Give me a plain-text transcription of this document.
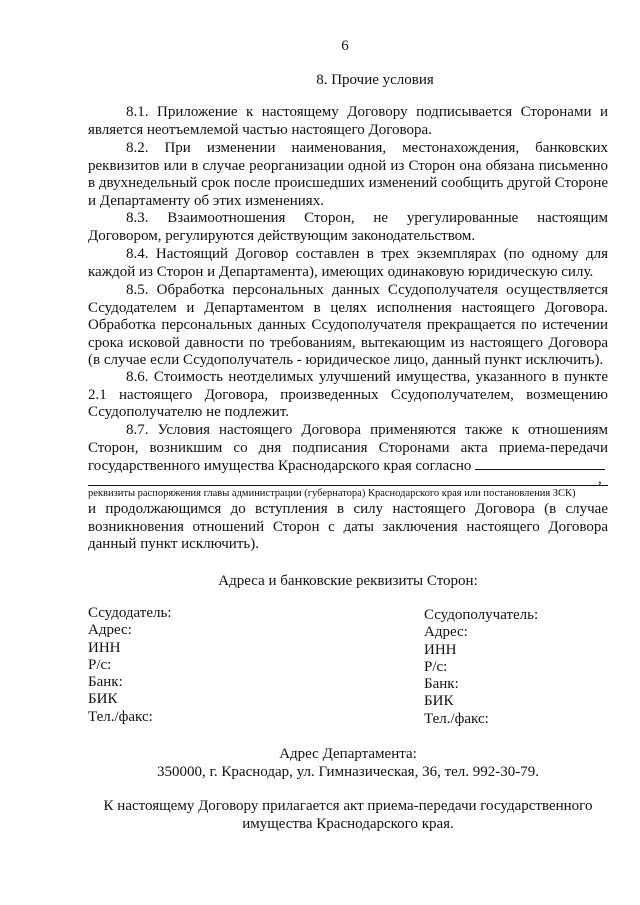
6
8. Прочие условия

8.1. Приложение к настоящему Договору подписывается Сторонами и является неотъемлемой частью настоящего Договора.

8.2. При изменении наименования, местонахождения, банковских реквизитов или в случае реорганизации одной из Сторон она обязана письменно в двухнедельный срок после происшедших изменений сообщить другой Стороне и Департаменту об этих изменениях.

8.3. Взаимоотношения Сторон, не урегулированные настоящим Договором, регулируются действующим законодательством.

8.4. Настоящий Договор составлен в трех экземплярах (по одному для каждой из Сторон и Департамента), имеющих одинаковую юридическую силу.

8.5. Обработка персональных данных Ссудополучателя осуществляется Ссудодателем и Департаментом в целях исполнения настоящего Договора. Обработка персональных данных Ссудополучателя прекращается по истечении срока исковой давности по требованиям, вытекающим из настоящего Договора (в случае если Ссудополучатель - юридическое лицо, данный пункт исключить).

8.6. Стоимость неотделимых улучшений имущества, указанного в пункте 2.1 настоящего Договора, произведенных Ссудополучателем, возмещению Ссудополучателю не подлежит.

8.7. Условия настоящего Договора применяются также к отношениям Сторон, возникшим со дня подписания Сторонами акта приема-передачи государственного имущества Краснодарского края согласно

,
реквизиты распоряжения главы администрации (губернатора) Краснодарского края или постановления ЗСК)

и продолжающимся до вступления в силу настоящего Договора (в случае возникновения отношений Сторон с даты заключения настоящего Договора данный пункт исключить).

Адреса и банковские реквизиты Сторон:
Ссудодатель:
Адрес:
ИНН
Р/с:
Банк:
БИК
Тел./факс:
Ссудополучатель:
Адрес:
ИНН
Р/с:
Банк:
БИК
Тел./факс:
Адрес Департамента:
350000, г. Краснодар, ул. Гимназическая, 36, тел. 992-30-79.
К настоящему Договору прилагается акт приема-передачи государственного имущества Краснодарского края.
